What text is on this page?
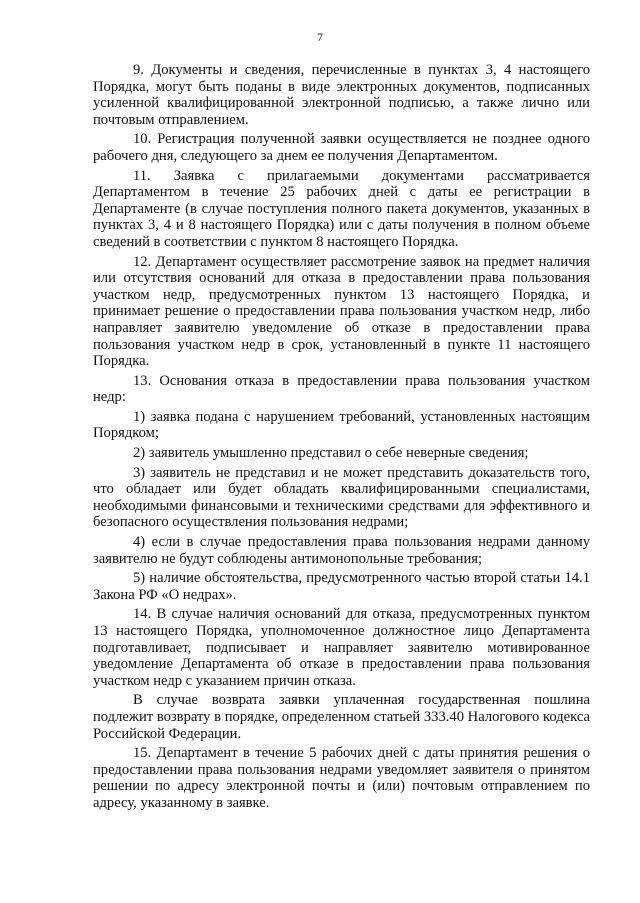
7

9. Документы и сведения, перечисленные в пунктах 3, 4 настоящего Порядка, могут быть поданы в виде электронных документов, подписанных усиленной квалифицированной электронной подписью, а также лично или почтовым отправлением.

10. Регистрация полученной заявки осуществляется не позднее одного рабочего дня, следующего за днем ее получения Департаментом.

11. Заявка с прилагаемыми документами рассматривается Департаментом в течение 25 рабочих дней с даты ее регистрации в Департаменте (в случае поступления полного пакета документов, указанных в пунктах 3, 4 и 8 настоящего Порядка) или с даты получения в полном объеме сведений в соответствии с пунктом 8 настоящего Порядка.

12. Департамент осуществляет рассмотрение заявок на предмет наличия или отсутствия оснований для отказа в предоставлении права пользования участком недр, предусмотренных пунктом 13 настоящего Порядка, и принимает решение о предоставлении права пользования участком недр, либо направляет заявителю уведомление об отказе в предоставлении права пользования участком недр в срок, установленный в пункте 11 настоящего Порядка.

13. Основания отказа в предоставлении права пользования участком недр:

1) заявка подана с нарушением требований, установленных настоящим Порядком;

2) заявитель умышленно представил о себе неверные сведения;

3) заявитель не представил и не может представить доказательств того, что обладает или будет обладать квалифицированными специалистами, необходимыми финансовыми и техническими средствами для эффективного и безопасного осуществления пользования недрами;

4) если в случае предоставления права пользования недрами данному заявителю не будут соблюдены антимонопольные требования;

5) наличие обстоятельства, предусмотренного частью второй статьи 14.1 Закона РФ «О недрах».

14. В случае наличия оснований для отказа, предусмотренных пунктом 13 настоящего Порядка, уполномоченное должностное лицо Департамента подготавливает, подписывает и направляет заявителю мотивированное уведомление Департамента об отказе в предоставлении права пользования участком недр с указанием причин отказа.

В случае возврата заявки уплаченная государственная пошлина подлежит возврату в порядке, определенном статьей 333.40 Налогового кодекса Российской Федерации.

15. Департамент в течение 5 рабочих дней с даты принятия решения о предоставлении права пользования недрами уведомляет заявителя о принятом решении по адресу электронной почты и (или) почтовым отправлением по адресу, указанному в заявке.
